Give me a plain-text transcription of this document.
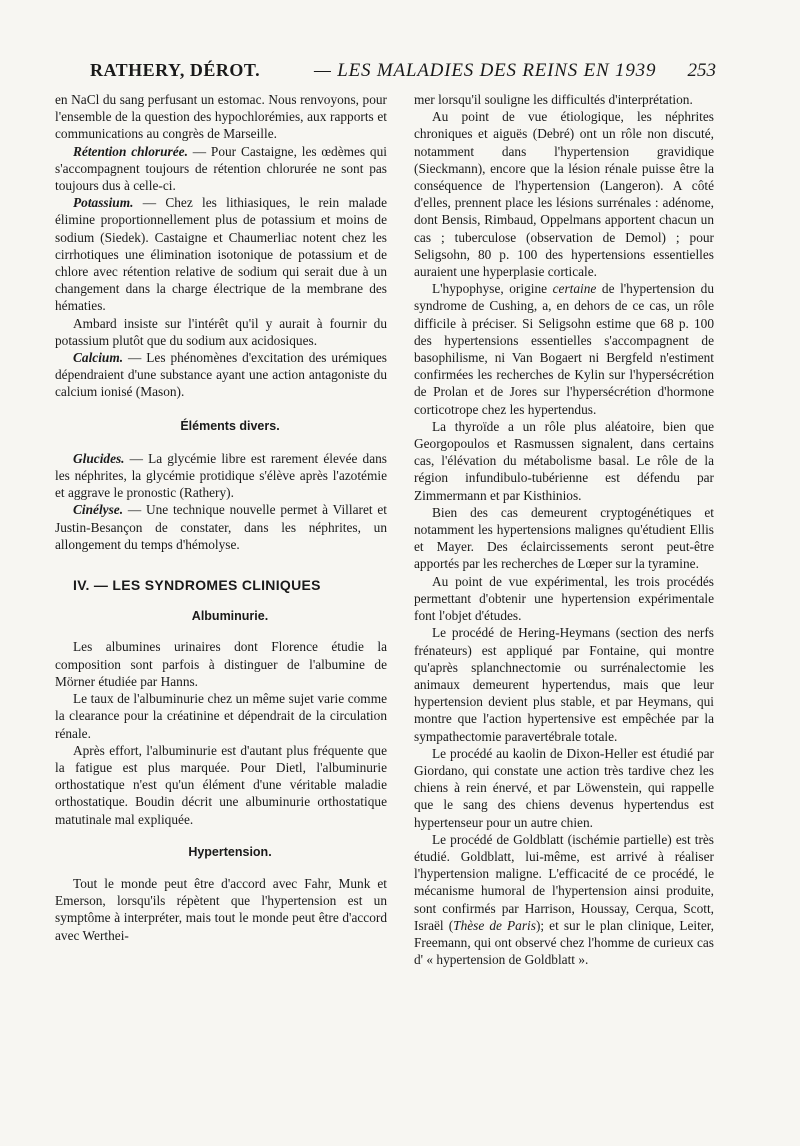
RATHERY, DÉROT.	— LES MALADIES DES REINS EN 1939 253

en NaCl du sang perfusant un estomac. Nous renvoyons, pour l'ensemble de la question des hypochlorémies, aux rapports et communications au congrès de Marseille.

Rétention chlorurée. — Pour Castaigne, les œdèmes qui s'accompagnent toujours de rétention chlorurée ne sont pas toujours dus à celle-ci.

Potassium. — Chez les lithiasiques, le rein malade élimine proportionnellement plus de potassium et moins de sodium (Siedek). Castaigne et Chaumerliac notent chez les cirrhotiques une élimination isotonique de potassium et de chlore avec rétention relative de sodium qui serait due à un changement dans la charge électrique de la membrane des hématies.

Ambard insiste sur l'intérêt qu'il y aurait à fournir du potassium plutôt que du sodium aux acidosiques.

Calcium. — Les phénomènes d'excitation des urémiques dépendraient d'une substance ayant une action antagoniste du calcium ionisé (Mason).

Éléments divers.

Glucides. — La glycémie libre est rarement élevée dans les néphrites, la glycémie protidique s'élève après l'azotémie et aggrave le pronostic (Rathery).

Cinélyse. — Une technique nouvelle permet à Villaret et Justin-Besançon de constater, dans les néphrites, un allongement du temps d'hémolyse.

IV. — LES SYNDROMES CLINIQUES

Albuminurie.

Les albumines urinaires dont Florence étudie la composition sont parfois à distinguer de l'albumine de Mörner étudiée par Hanns.

Le taux de l'albuminurie chez un même sujet varie comme la clearance pour la créatinine et dépendrait de la circulation rénale.

Après effort, l'albuminurie est d'autant plus fréquente que la fatigue est plus marquée. Pour Dietl, l'albuminurie orthostatique n'est qu'un élément d'une véritable maladie orthostatique. Boudin décrit une albuminurie orthostatique matutinale mal expliquée.

Hypertension.

Tout le monde peut être d'accord avec Fahr, Munk et Emerson, lorsqu'ils répètent que l'hypertension est un symptôme à interpréter, mais tout le monde peut être d'accord avec Werthei-

mer lorsqu'il souligne les difficultés d'interprétation.

Au point de vue étiologique, les néphrites chroniques et aiguës (Debré) ont un rôle non discuté, notamment dans l'hypertension gravidique (Sieckmann), encore que la lésion rénale puisse être la conséquence de l'hypertension (Langeron). A côté d'elles, prennent place les lésions surrénales : adénome, dont Bensis, Rimbaud, Oppelmans apportent chacun un cas ; tuberculose (observation de Demol) ; pour Seligsohn, 80 p. 100 des hypertensions essentielles auraient une hyperplasie corticale.

L'hypophyse, origine certaine de l'hypertension du syndrome de Cushing, a, en dehors de ce cas, un rôle difficile à préciser. Si Seligsohn estime que 68 p. 100 des hypertensions essentielles s'accompagnent de basophilisme, ni Van Bogaert ni Bergfeld n'estiment confirmées les recherches de Kylin sur l'hypersécrétion de Prolan et de Jores sur l'hypersécrétion d'hormone corticotrope chez les hypertendus.

La thyroïde a un rôle plus aléatoire, bien que Georgopoulos et Rasmussen signalent, dans certains cas, l'élévation du métabolisme basal. Le rôle de la région infundibulo-tubérienne est défendu par Zimmermann et par Kisthinios.

Bien des cas demeurent cryptogénétiques et notamment les hypertensions malignes qu'étudient Ellis et Mayer. Des éclaircissements seront peut-être apportés par les recherches de Lœper sur la tyramine.

Au point de vue expérimental, les trois procédés permettant d'obtenir une hypertension expérimentale font l'objet d'études.

Le procédé de Hering-Heymans (section des nerfs frénateurs) est appliqué par Fontaine, qui montre qu'après splanchnectomie ou surrénalectomie les animaux demeurent hypertendus, mais que leur hypertension devient plus stable, et par Heymans, qui montre que l'action hypertensive est empêchée par la sympathectomie paravertébrale totale.

Le procédé au kaolin de Dixon-Heller est étudié par Giordano, qui constate une action très tardive chez les chiens à rein énervé, et par Löwenstein, qui rappelle que le sang des chiens devenus hypertendus est hypertenseur pour un autre chien.

Le procédé de Goldblatt (ischémie partielle) est très étudié. Goldblatt, lui-même, est arrivé à réaliser l'hypertension maligne. L'efficacité de ce procédé, le mécanisme humoral de l'hypertension ainsi produite, sont confirmés par Harrison, Houssay, Cerqua, Scott, Israël (Thèse de Paris); et sur le plan clinique, Leiter, Freemann, qui ont observé chez l'homme de curieux cas d' « hypertension de Goldblatt ».
